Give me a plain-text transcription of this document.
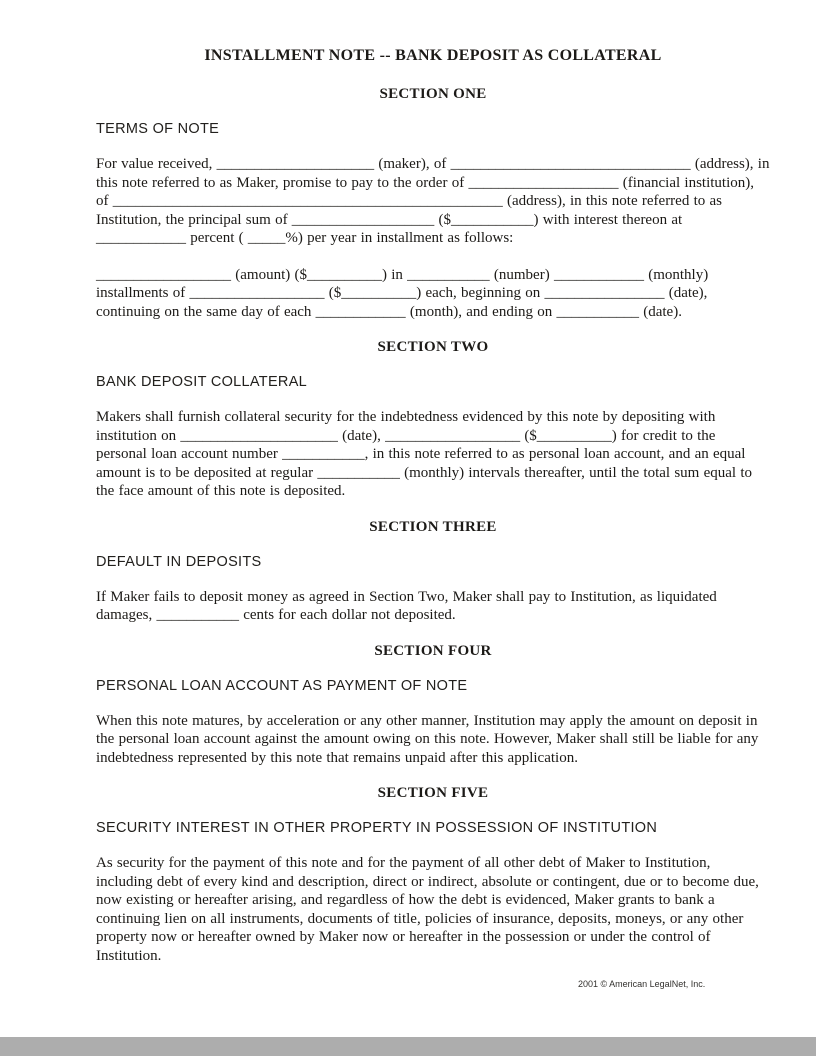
INSTALLMENT NOTE -- BANK DEPOSIT AS COLLATERAL
SECTION ONE
TERMS OF NOTE

For value received, _____________________ (maker), of ________________________________ (address), in this note referred to as Maker, promise to pay to the order of ____________________ (financial institution), of ____________________________________________________ (address), in this note referred to as Institution, the principal sum of ___________________ ($___________) with interest thereon at ____________ percent ( _____%) per year in installment as follows:

__________________ (amount) ($__________) in ___________ (number) ____________ (monthly) installments of __________________ ($__________) each, beginning on ________________ (date), continuing on the same day of each ____________ (month), and ending on ___________ (date).

SECTION TWO
BANK DEPOSIT COLLATERAL

Makers shall furnish collateral security for the indebtedness evidenced by this note by depositing with institution on _____________________ (date), __________________ ($__________) for credit to the personal loan account number ___________, in this note referred to as personal loan account, and an equal amount is to be deposited at regular ___________ (monthly) intervals thereafter, until the total sum equal to the face amount of this note is deposited.

SECTION THREE
DEFAULT IN DEPOSITS

If Maker fails to deposit money as agreed in Section Two, Maker shall pay to Institution, as liquidated damages, ___________ cents for each dollar not deposited.

SECTION FOUR
PERSONAL LOAN ACCOUNT AS PAYMENT OF NOTE

When this note matures, by acceleration or any other manner, Institution may apply the amount on deposit in the personal loan account against the amount owing on this note. However, Maker shall still be liable for any indebtedness represented by this note that remains unpaid after this application.

SECTION FIVE
SECURITY INTEREST IN OTHER PROPERTY IN POSSESSION OF INSTITUTION

As security for the payment of this note and for the payment of all other debt of Maker to Institution, including debt of every kind and description, direct or indirect, absolute or contingent, due or to become due, now existing or hereafter arising, and regardless of how the debt is evidenced, Maker grants to bank a continuing lien on all instruments, documents of title, policies of insurance, deposits, moneys, or any other property now or hereafter owned by Maker now or hereafter in the possession or under the control of Institution.

2001 © American LegalNet, Inc.
